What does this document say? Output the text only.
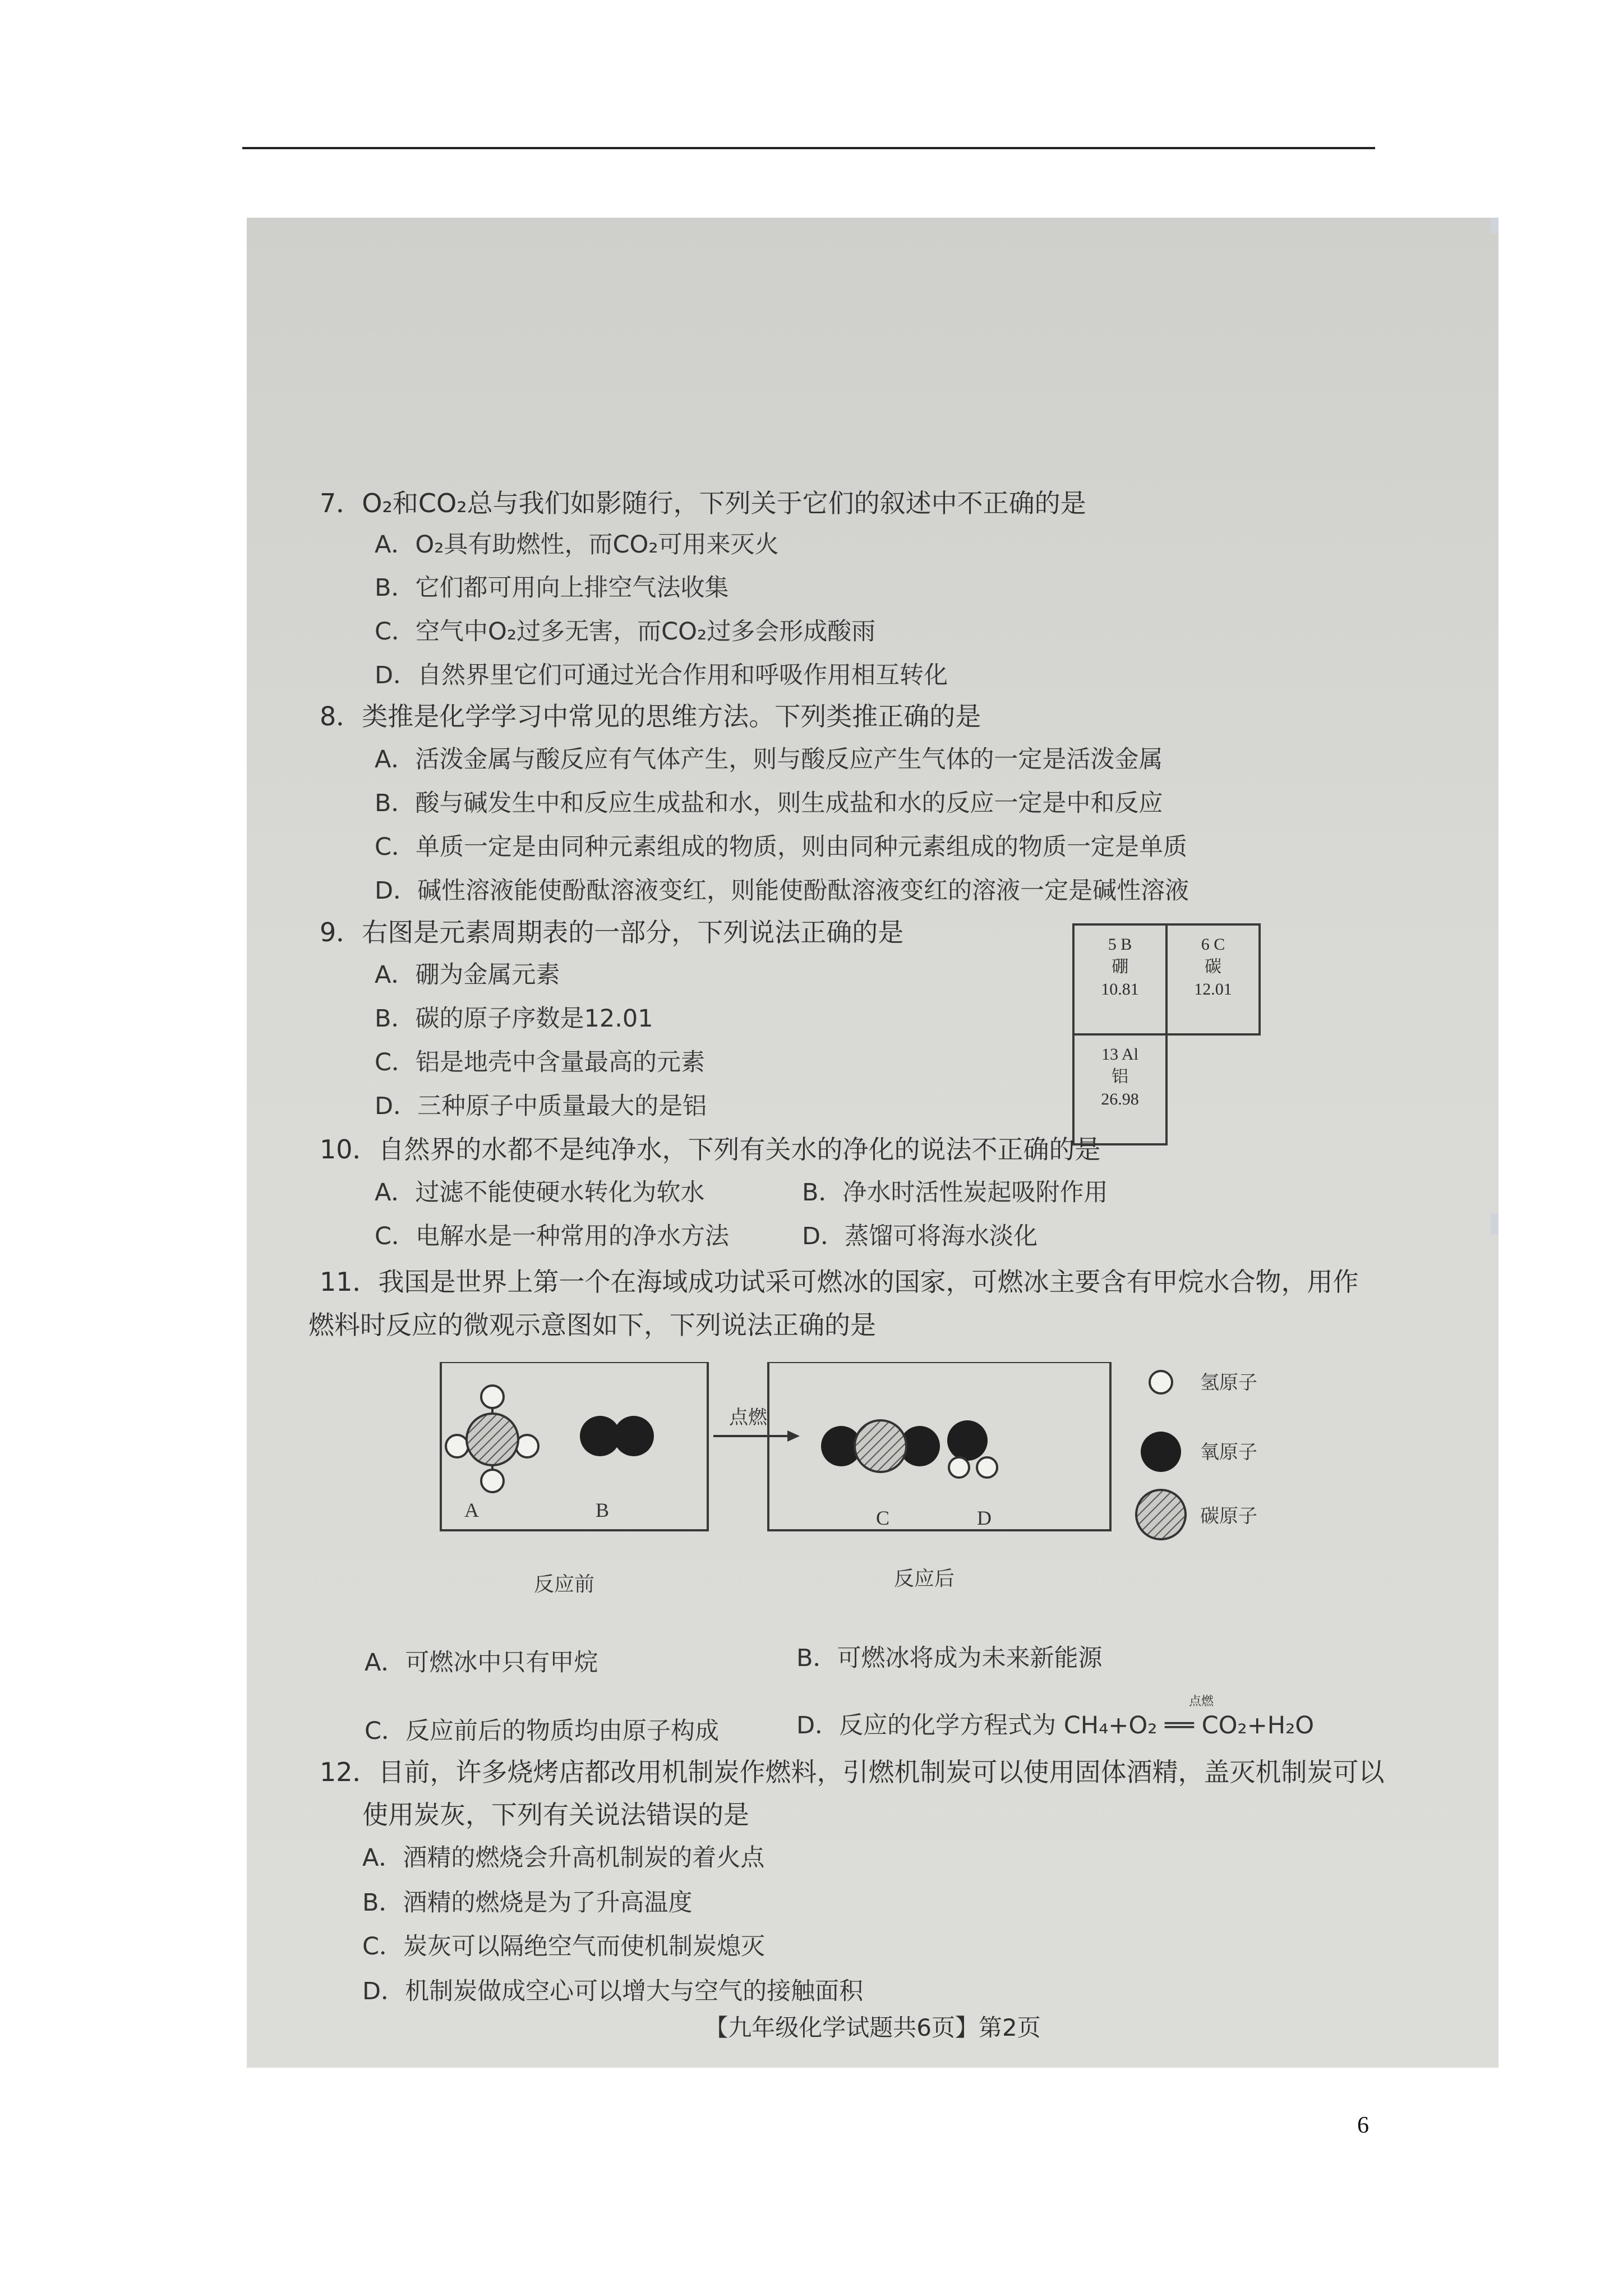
7．O₂和CO₂总与我们如影随行，下列关于它们的叙述中不正确的是
A．O₂具有助燃性，而CO₂可用来灭火
B．它们都可用向上排空气法收集
C．空气中O₂过多无害，而CO₂过多会形成酸雨
D．自然界里它们可通过光合作用和呼吸作用相互转化
8．类推是化学学习中常见的思维方法。下列类推正确的是
A．活泼金属与酸反应有气体产生，则与酸反应产生气体的一定是活泼金属
B．酸与碱发生中和反应生成盐和水，则生成盐和水的反应一定是中和反应
C．单质一定是由同种元素组成的物质，则由同种元素组成的物质一定是单质
D．碱性溶液能使酚酞溶液变红，则能使酚酞溶液变红的溶液一定是碱性溶液
9．右图是元素周期表的一部分，下列说法正确的是
A．硼为金属元素
B．碳的原子序数是12.01
C．铝是地壳中含量最高的元素
D．三种原子中质量最大的是铝
5 B
硼
10.81
6 C
碳
12.01
13 Al
铝
26.98
10．自然界的水都不是纯净水，下列有关水的净化的说法不正确的是
A．过滤不能使硬水转化为软水	B．净水时活性炭起吸附作用
C．电解水是一种常用的净水方法	D．蒸馏可将海水淡化
11．我国是世界上第一个在海域成功试采可燃冰的国家，可燃冰主要含有甲烷水合物，用作
燃料时反应的微观示意图如下，下列说法正确的是
A	B
点燃
C	D
氢原子
氧原子
碳原子
反应前	反应后
A．可燃冰中只有甲烷	B．可燃冰将成为未来新能源
C．反应前后的物质均由原子构成	D．反应的化学方程式为 CH₄+O₂ ══ CO₂+H₂O
点燃
12．目前，许多烧烤店都改用机制炭作燃料，引燃机制炭可以使用固体酒精，盖灭机制炭可以
使用炭灰，下列有关说法错误的是
A．酒精的燃烧会升高机制炭的着火点
B．酒精的燃烧是为了升高温度
C．炭灰可以隔绝空气而使机制炭熄灭
D．机制炭做成空心可以增大与空气的接触面积
【九年级化学试题共6页】第2页
6
